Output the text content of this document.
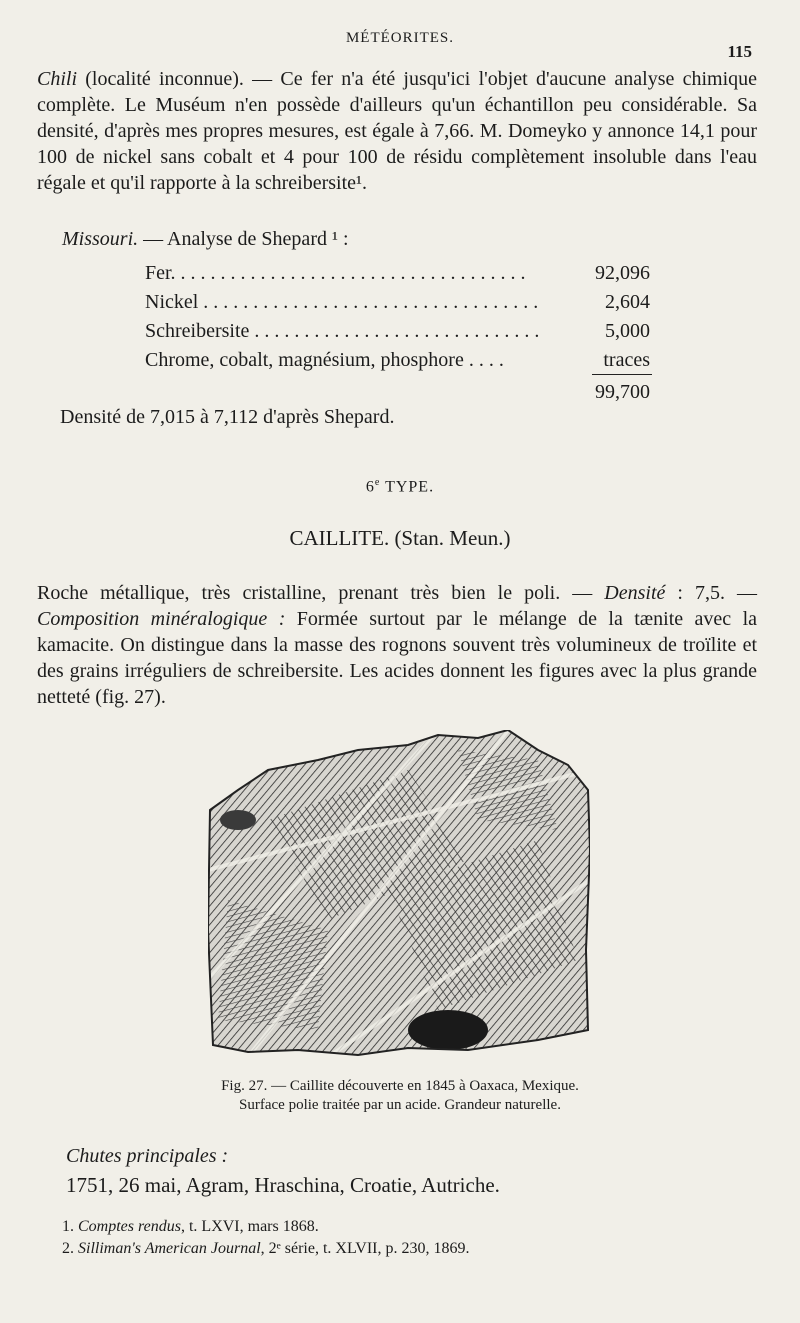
MÉTÉORITES.
115

Chili (localité inconnue). — Ce fer n'a été jusqu'ici l'objet d'aucune analyse chimique complète. Le Muséum n'en possède d'ailleurs qu'un échantillon peu considérable. Sa densité, d'après mes propres mesures, est égale à 7,66. M. Domeyko y annonce 14,1 pour 100 de nickel sans cobalt et 4 pour 100 de résidu complètement insoluble dans l'eau régale et qu'il rapporte à la schreibersite¹.

Missouri. — Analyse de Shepard ¹ :
Fer. . . . . . . . . . . . . . . . . . . . . . . . . . . . . . . . . . . .	92,096
Nickel . . . . . . . . . . . . . . . . . . . . . . . . . . . . . . . . . .	2,604
Schreibersite . . . . . . . . . . . . . . . . . . . . . . . . . . . . .	5,000
Chrome, cobalt, magnésium, phosphore . . . .	traces
99,700
Densité de 7,015 à 7,112 d'après Shepard.
6e TYPE.
CAILLITE. (Stan. Meun.)

Roche métallique, très cristalline, prenant très bien le poli. — Densité : 7,5. — Composition minéralogique : Formée surtout par le mélange de la tænite avec la kamacite. On distingue dans la masse des rognons souvent très volumineux de troïlite et des grains irréguliers de schreibersite. Les acides donnent les figures avec la plus grande netteté (fig. 27).

Fig. 27. — Caillite découverte en 1845 à Oaxaca, Mexique.
Surface polie traitée par un acide. Grandeur naturelle.
Chutes principales :
1751, 26 mai, Agram, Hraschina, Croatie, Autriche.
1. Comptes rendus, t. LXVI, mars 1868.
2. Silliman's American Journal, 2ᵉ série, t. XLVII, p. 230, 1869.
